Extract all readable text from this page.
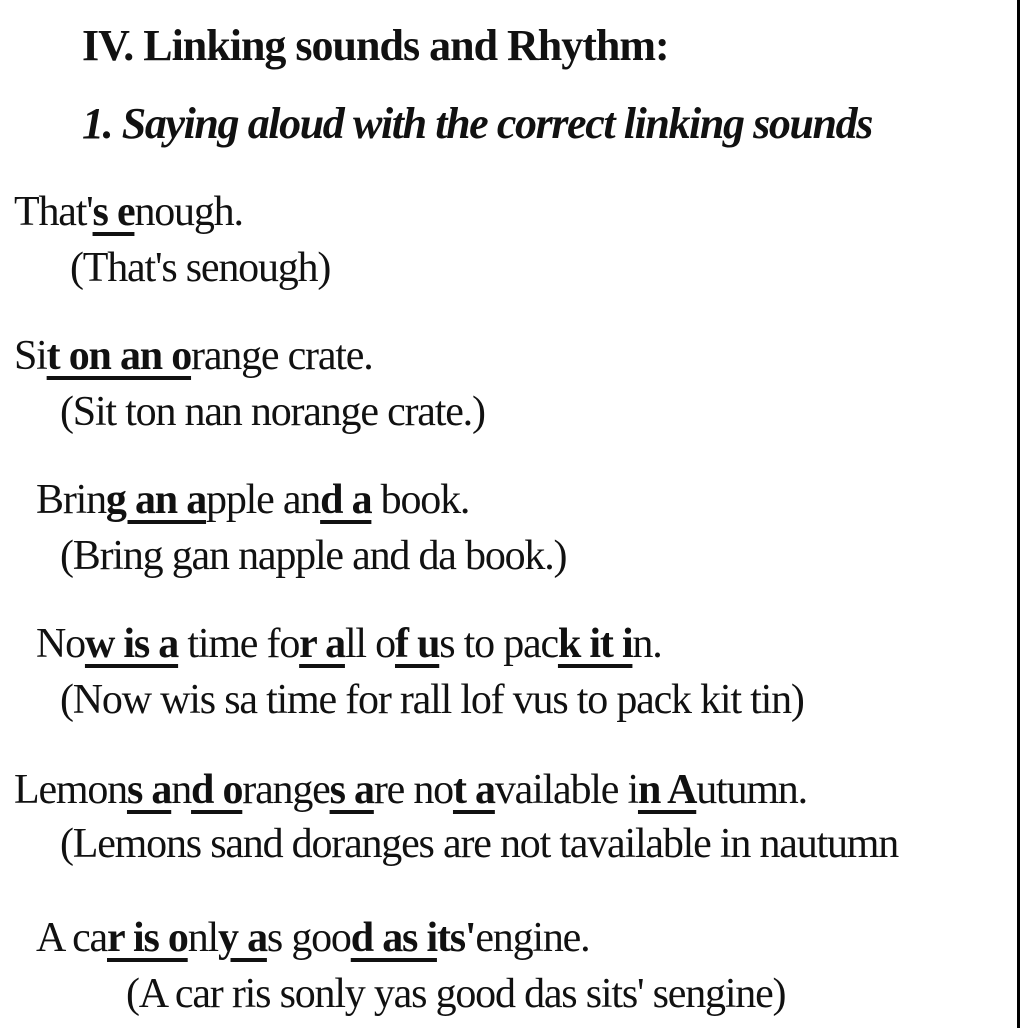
IV. Linking sounds and Rhythm:
1. Saying aloud with the correct linking sounds
That's enough.
(That's senough)
Sit on an orange crate.
(Sit ton nan norange crate.)
Bring an apple and a book.
(Bring gan napple and da book.)
Now is a time for all of us to pack it in.
(Now wis sa time for rall lof vus to pack kit tin)
Lemons and oranges are not available in Autumn.
(Lemons sand doranges are not tavailable in nautumn
A car is only as good as its'engine.
(A car ris sonly yas good das sits' sengine)
